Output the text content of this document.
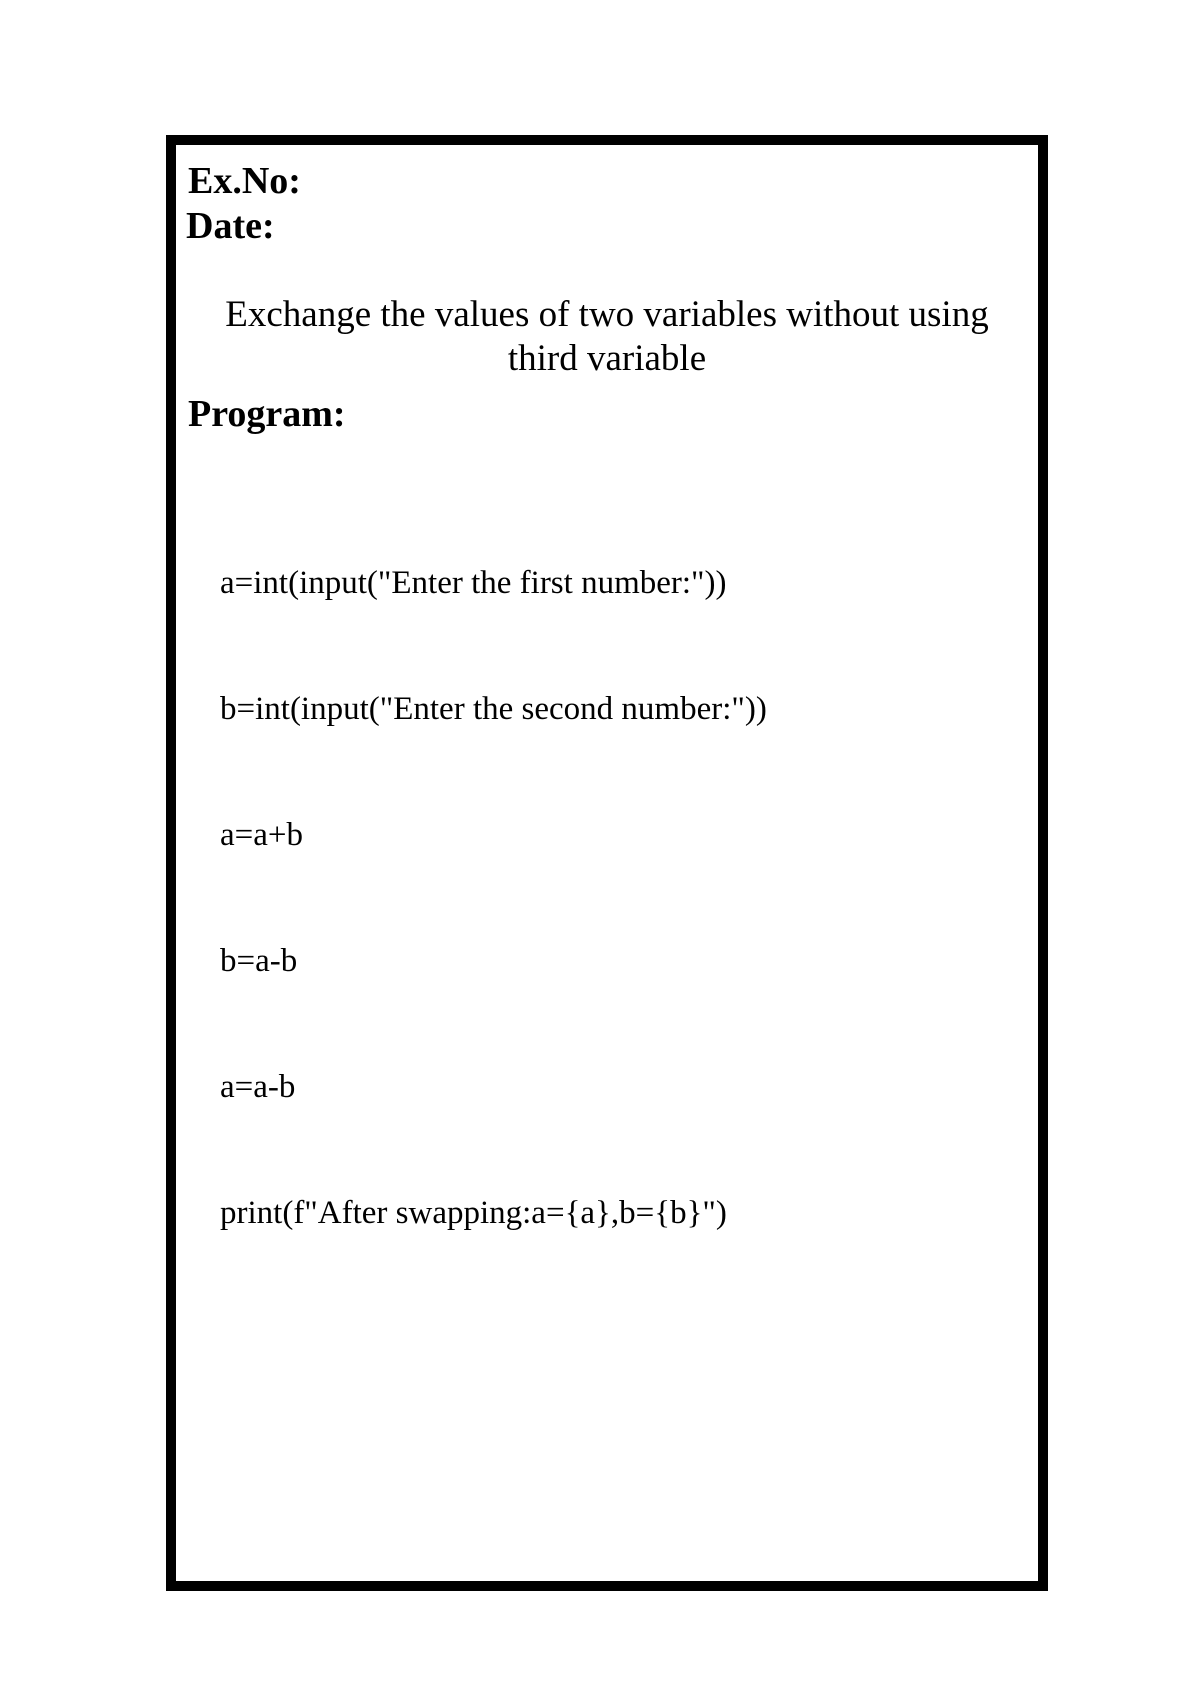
Ex.No:
Date:
Exchange the values of two variables without using
third variable
Program:

a=int(input("Enter the first number:"))

b=int(input("Enter the second number:"))

a=a+b

b=a-b

a=a-b

print(f"After swapping:a={a},b={b}")
